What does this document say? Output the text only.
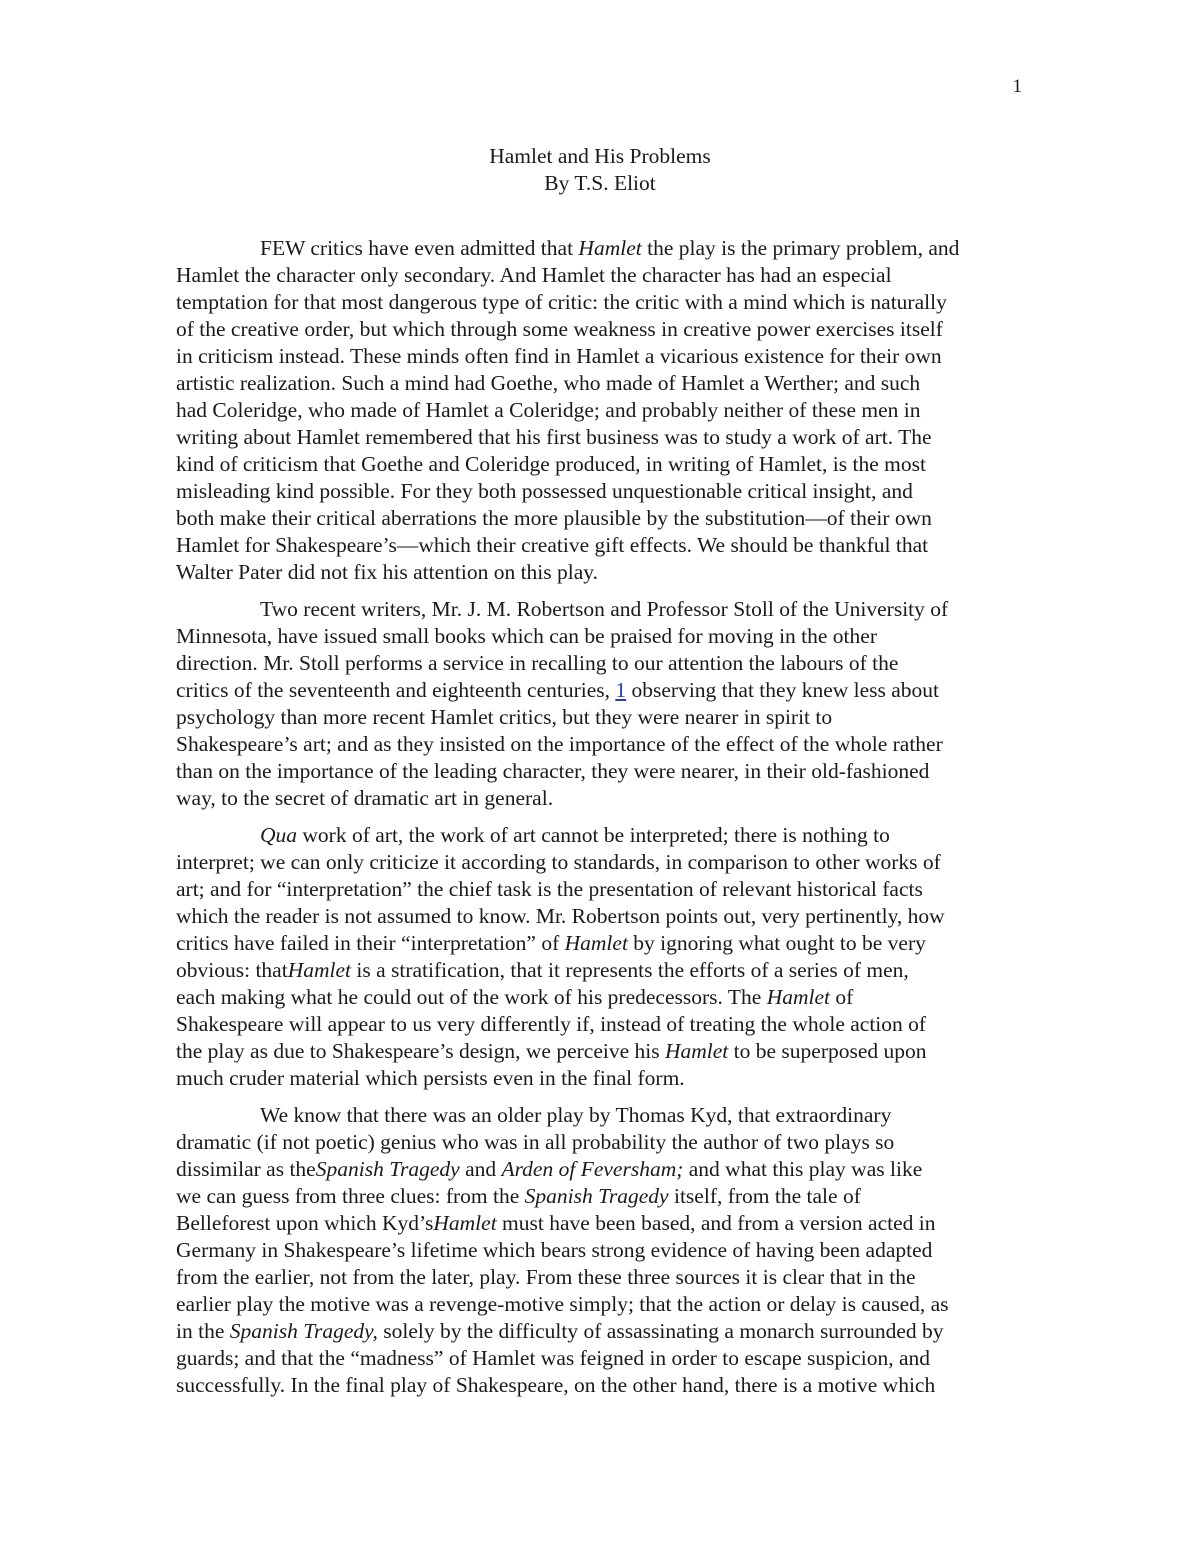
1
Hamlet and His Problems
By T.S. Eliot
FEW critics have even admitted that Hamlet the play is the primary problem, and
Hamlet the character only secondary. And Hamlet the character has had an especial
temptation for that most dangerous type of critic: the critic with a mind which is naturally
of the creative order, but which through some weakness in creative power exercises itself
in criticism instead. These minds often find in Hamlet a vicarious existence for their own
artistic realization. Such a mind had Goethe, who made of Hamlet a Werther; and such
had Coleridge, who made of Hamlet a Coleridge; and probably neither of these men in
writing about Hamlet remembered that his first business was to study a work of art. The
kind of criticism that Goethe and Coleridge produced, in writing of Hamlet, is the most
misleading kind possible. For they both possessed unquestionable critical insight, and
both make their critical aberrations the more plausible by the substitution—of their own
Hamlet for Shakespeare’s—which their creative gift effects. We should be thankful that
Walter Pater did not fix his attention on this play.
Two recent writers, Mr. J. M. Robertson and Professor Stoll of the University of
Minnesota, have issued small books which can be praised for moving in the other
direction. Mr. Stoll performs a service in recalling to our attention the labours of the
critics of the seventeenth and eighteenth centuries, 1 observing that they knew less about
psychology than more recent Hamlet critics, but they were nearer in spirit to
Shakespeare’s art; and as they insisted on the importance of the effect of the whole rather
than on the importance of the leading character, they were nearer, in their old-fashioned
way, to the secret of dramatic art in general.
Qua work of art, the work of art cannot be interpreted; there is nothing to
interpret; we can only criticize it according to standards, in comparison to other works of
art; and for “interpretation” the chief task is the presentation of relevant historical facts
which the reader is not assumed to know. Mr. Robertson points out, very pertinently, how
critics have failed in their “interpretation” of Hamlet by ignoring what ought to be very
obvious: thatHamlet is a stratification, that it represents the efforts of a series of men,
each making what he could out of the work of his predecessors. The Hamlet of
Shakespeare will appear to us very differently if, instead of treating the whole action of
the play as due to Shakespeare’s design, we perceive his Hamlet to be superposed upon
much cruder material which persists even in the final form.
We know that there was an older play by Thomas Kyd, that extraordinary
dramatic (if not poetic) genius who was in all probability the author of two plays so
dissimilar as theSpanish Tragedy and Arden of Feversham; and what this play was like
we can guess from three clues: from the Spanish Tragedy itself, from the tale of
Belleforest upon which Kyd’sHamlet must have been based, and from a version acted in
Germany in Shakespeare’s lifetime which bears strong evidence of having been adapted
from the earlier, not from the later, play. From these three sources it is clear that in the
earlier play the motive was a revenge-motive simply; that the action or delay is caused, as
in the Spanish Tragedy, solely by the difficulty of assassinating a monarch surrounded by
guards; and that the “madness” of Hamlet was feigned in order to escape suspicion, and
successfully. In the final play of Shakespeare, on the other hand, there is a motive which
